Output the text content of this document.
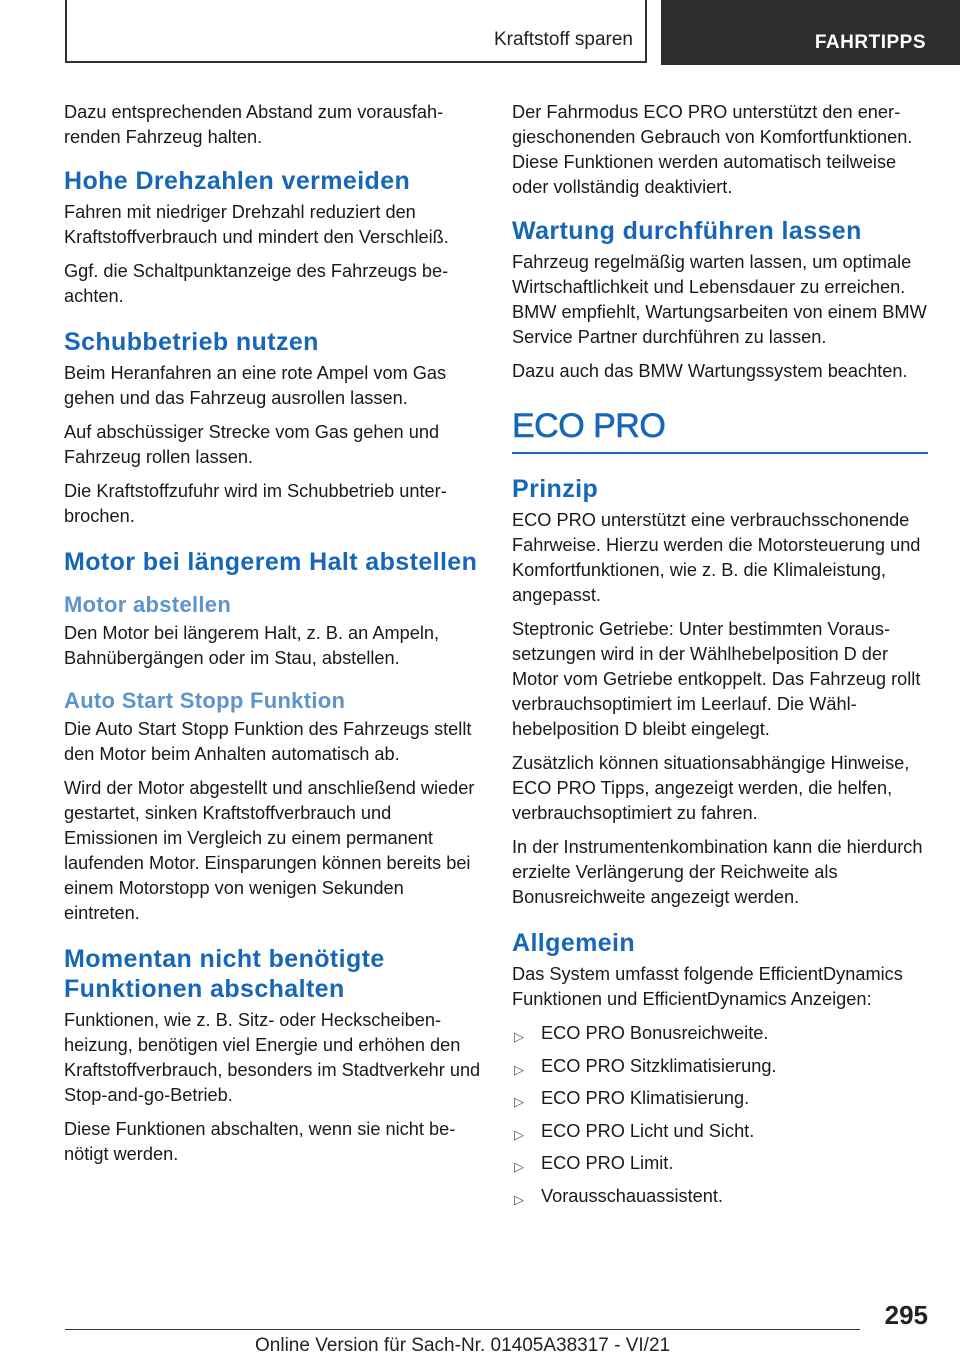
Kraftstoff sparen	FAHRTIPPS

Dazu entsprechenden Abstand zum vorausfahrenden Fahrzeug halten.

Hohe Drehzahlen vermeiden

Fahren mit niedriger Drehzahl reduziert den Kraftstoffverbrauch und mindert den Verschleiß.

Ggf. die Schaltpunktanzeige des Fahrzeugs beachten.

Schubbetrieb nutzen

Beim Heranfahren an eine rote Ampel vom Gas gehen und das Fahrzeug ausrollen lassen.

Auf abschüssiger Strecke vom Gas gehen und Fahrzeug rollen lassen.

Die Kraftstoffzufuhr wird im Schubbetrieb unterbrochen.

Motor bei längerem Halt abstellen
Motor abstellen

Den Motor bei längerem Halt, z. B. an Ampeln, Bahnübergängen oder im Stau, abstellen.

Auto Start Stopp Funktion

Die Auto Start Stopp Funktion des Fahrzeugs stellt den Motor beim Anhalten automatisch ab.

Wird der Motor abgestellt und anschließend wieder gestartet, sinken Kraftstoffverbrauch und Emissionen im Vergleich zu einem permanent laufenden Motor. Einsparungen können bereits bei einem Motorstopp von wenigen Sekunden eintreten.

Momentan nicht benötigte Funktionen abschalten

Funktionen, wie z. B. Sitz- oder Heckscheibenheizung, benötigen viel Energie und erhöhen den Kraftstoffverbrauch, besonders im Stadtverkehr und Stop-and-go-Betrieb.

Diese Funktionen abschalten, wenn sie nicht benötigt werden.

Der Fahrmodus ECO PRO unterstützt den energieschonenden Gebrauch von Komfortfunktionen. Diese Funktionen werden automatisch teilweise oder vollständig deaktiviert.

Wartung durchführen lassen

Fahrzeug regelmäßig warten lassen, um optimale Wirtschaftlichkeit und Lebensdauer zu erreichen. BMW empfiehlt, Wartungsarbeiten von einem BMW Service Partner durchführen zu lassen.

Dazu auch das BMW Wartungssystem beachten.

ECO PRO
Prinzip

ECO PRO unterstützt eine verbrauchsschonende Fahrweise. Hierzu werden die Motorsteuerung und Komfortfunktionen, wie z. B. die Klimaleistung, angepasst.

Steptronic Getriebe: Unter bestimmten Voraussetzungen wird in der Wählhebelposition D der Motor vom Getriebe entkoppelt. Das Fahrzeug rollt verbrauchsoptimiert im Leerlauf. Die Wählhebelposition D bleibt eingelegt.

Zusätzlich können situationsabhängige Hinweise, ECO PRO Tipps, angezeigt werden, die helfen, verbrauchsoptimiert zu fahren.

In der Instrumentenkombination kann die hierdurch erzielte Verlängerung der Reichweite als Bonusreichweite angezeigt werden.

Allgemein

Das System umfasst folgende EfficientDynamics Funktionen und EfficientDynamics Anzeigen:

▷ ECO PRO Bonusreichweite.
▷ ECO PRO Sitzklimatisierung.
▷ ECO PRO Klimatisierung.
▷ ECO PRO Licht und Sicht.
▷ ECO PRO Limit.
▷ Vorausschauassistent.
295
Online Version für Sach-Nr. 01405A38317 - VI/21
